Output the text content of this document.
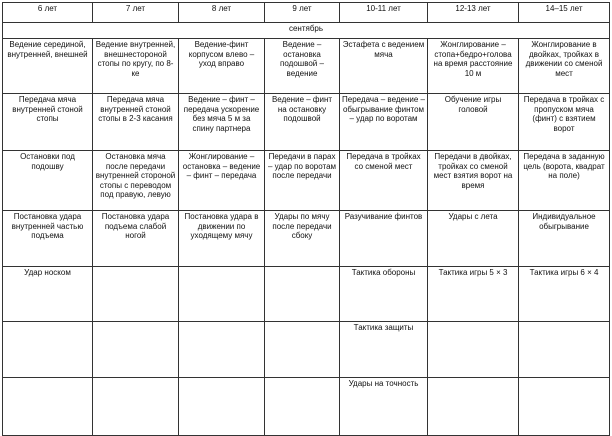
6 лет	7 лет	8 лет	9 лет	10-11 лет	12-13 лет	14–15 лет
сентябрь						
Ведение серединой, внутренней, внешней	Ведение внутренней, внешнестороной стопы по кругу, по 8-ке	Ведение-финт корпусом влево – уход вправо	Ведение – остановка подошвой – ведение	Эстафета с ведением мяча	Жонглирование – стопа+бедро+голова на время расстояние 10 м	Жонглирование в двойках, тройках в движении со сменой мест
Передача мяча внутренней стоной стопы	Передача мяча внутренней стоной стопы в 2-3 касания	Ведение – финт – передача ускорение без мяча 5 м за спину партнера	Ведение – финт на остановку подошвой	Передача – ведение – обыгрывание финтом – удар по воротам	Обучение игры головой	Передача в тройках с пропуском мяча (финт) с взятием ворот
Остановки под подошву	Остановка мяча после передачи внутренней стороной стопы с переводом под правую, левую	Жонглирование – остановка – ведение – финт – передача	Передачи в парах – удар по воротам после передачи	Передача в тройках со сменой мест	Передачи в двойках, тройках со сменой мест взятия ворот на время	Передача в заданную цель (ворота, квадрат на поле)
Постановка удара внутренней частью подъема	Постановка удара подъема слабой ногой	Постановка удара в движении по уходящему мячу	Удары по мячу после передачи сбоку	Разучивание финтов	Удары с лета	Индивидуальное обыгрывание
Удар носком				Тактика обороны	Тактика игры 5 × 3	Тактика игры 6 × 4
				Тактика защиты		
				Удары на точность		
